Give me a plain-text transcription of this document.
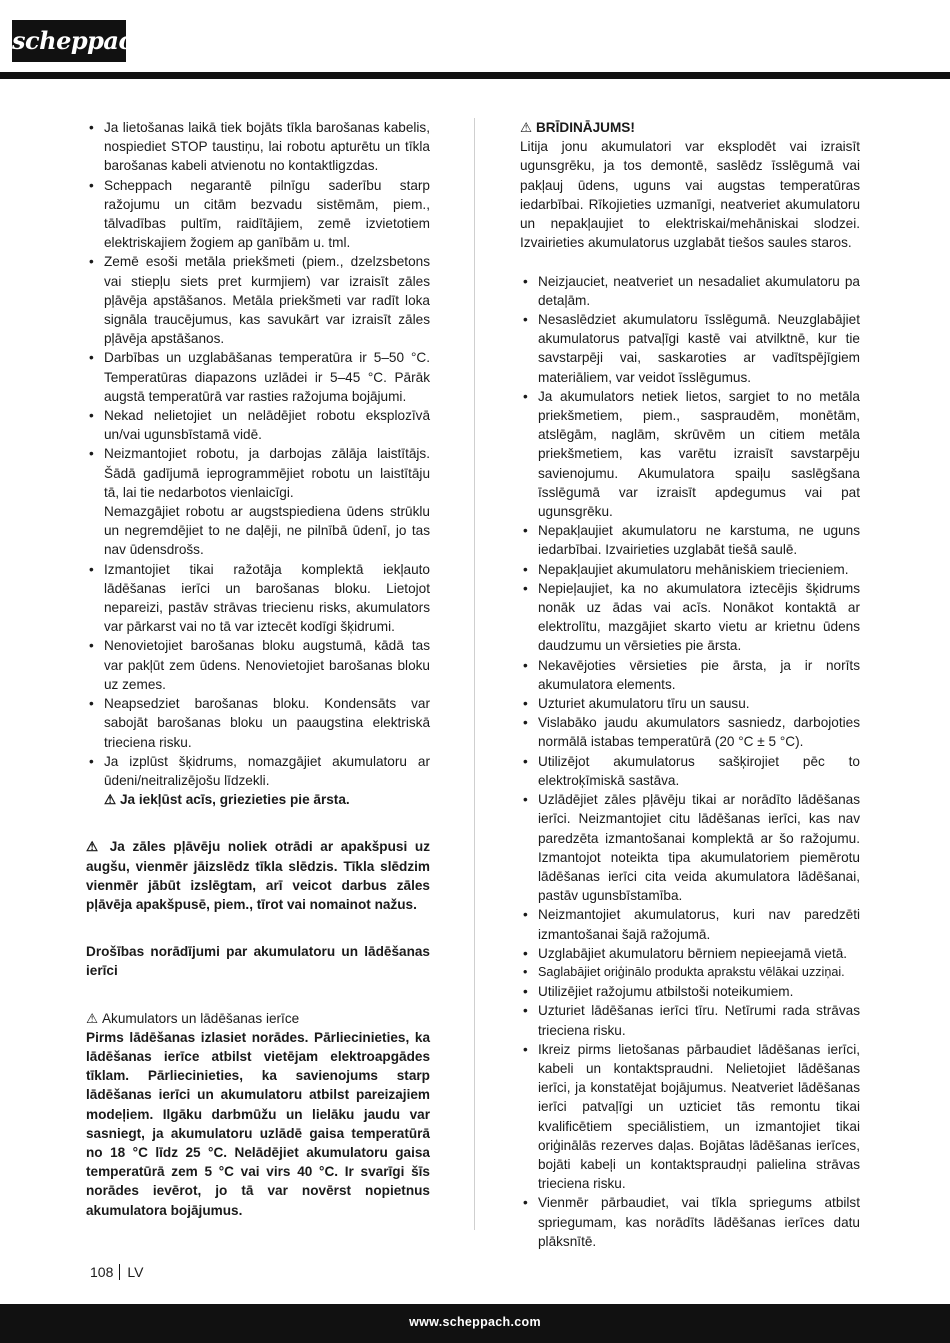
scheppach
• Ja lietošanas laikā tiek bojāts tīkla barošanas kabelis, nospiediet STOP taustiņu, lai robotu apturētu un tīkla barošanas kabeli atvienotu no kontaktligzdas.
• Scheppach negarantē pilnīgu saderību starp ražojumu un citām bezvadu sistēmām, piem., tālvadības pultīm, raidītājiem, zemē izvietotiem elektriskajiem žogiem ap ganībām u. tml.
• Zemē esoši metāla priekšmeti (piem., dzelzsbetons vai stiepļu siets pret kurmjiem) var izraisīt zāles pļāvēja apstāšanos. Metāla priekšmeti var radīt loka signāla traucējumus, kas savukārt var izraisīt zāles pļāvēja apstāšanos.
• Darbības un uzglabāšanas temperatūra ir 5–50 °C. Temperatūras diapazons uzlādei ir 5–45 °C. Pārāk augstā temperatūrā var rasties ražojuma bojājumi.
• Nekad nelietojiet un nelādējiet robotu eksplozīvā un/vai ugunsbīstamā vidē.
• Neizmantojiet robotu, ja darbojas zālāja laistītājs. Šādā gadījumā ieprogrammējiet robotu un laistītāju tā, lai tie nedarbotos vienlaicīgi.
Nemazgājiet robotu ar augstspiediena ūdens strūklu un negremdējiet to ne daļēji, ne pilnībā ūdenī, jo tas nav ūdensdrošs.
• Izmantojiet tikai ražotāja komplektā iekļauto lādēšanas ierīci un barošanas bloku. Lietojot nepareizi, pastāv strāvas triecienu risks, akumulators var pārkarst vai no tā var iztecēt kodīgi šķidrumi.
• Nenovietojiet barošanas bloku augstumā, kādā tas var pakļūt zem ūdens. Nenovietojiet barošanas bloku uz zemes.
• Neapsedziet barošanas bloku. Kondensāts var sabojāt barošanas bloku un paaugstina elektriskā trieciena risku.
• Ja izplūst šķidrums, nomazgājiet akumulatoru ar ūdeni/neitralizējošu līdzekli.
⚠ Ja iekļūst acīs, griezieties pie ārsta.
⚠ Ja zāles pļāvēju noliek otrādi ar apakšpusi uz augšu, vienmēr jāizslēdz tīkla slēdzis. Tīkla slēdzim vienmēr jābūt izslēgtam, arī veicot darbus zāles pļāvēja apakšpusē, piem., tīrot vai nomainot nažus.
Drošības norādījumi par akumulatoru un lādēšanas ierīci
⚠ Akumulators un lādēšanas ierīce
Pirms lādēšanas izlasiet norādes. Pārliecinieties, ka lādēšanas ierīce atbilst vietējam elektroapgādes tīklam. Pārliecinieties, ka savienojums starp lādēšanas ierīci un akumulatoru atbilst pareizajiem modeļiem. Ilgāku darbmūžu un lielāku jaudu var sasniegt, ja akumulatoru uzlādē gaisa temperatūrā no 18 °C līdz 25 °C. Nelādējiet akumulatoru gaisa temperatūrā zem 5 °C vai virs 40 °C. Ir svarīgi šīs norādes ievērot, jo tā var novērst nopietnus akumulatora bojājumus.
⚠ BRĪDINĀJUMS!
Litija jonu akumulatori var eksplodēt vai izraisīt ugunsgrēku, ja tos demontē, saslēdz īsslēgumā vai pakļauj ūdens, uguns vai augstas temperatūras iedarbībai. Rīkojieties uzmanīgi, neatveriet akumulatoru un nepakļaujiet to elektriskai/mehāniskai slodzei. Izvairieties akumulatorus uzglabāt tiešos saules staros.
• Neizjauciet, neatveriet un nesadaliet akumulatoru pa detaļām.
• Nesaslēdziet akumulatoru īsslēgumā. Neuzglabājiet akumulatorus patvaļīgi kastē vai atvilktnē, kur tie savstarpēji vai, saskaroties ar vadītspējīgiem materiāliem, var veidot īsslēgumus.
• Ja akumulators netiek lietos, sargiet to no metāla priekšmetiem, piem., saspraudēm, monētām, atslēgām, naglām, skrūvēm un citiem metāla priekšmetiem, kas varētu izraisīt savstarpēju savienojumu. Akumulatora spaiļu saslēgšana īsslēgumā var izraisīt apdegumus vai pat ugunsgrēku.
• Nepakļaujiet akumulatoru ne karstuma, ne uguns iedarbībai. Izvairieties uzglabāt tiešā saulē.
• Nepakļaujiet akumulatoru mehāniskiem triecieniem.
• Nepieļaujiet, ka no akumulatora iztecējis šķidrums nonāk uz ādas vai acīs. Nonākot kontaktā ar elektrolītu, mazgājiet skarto vietu ar krietnu ūdens daudzumu un vērsieties pie ārsta.
• Nekavējoties vērsieties pie ārsta, ja ir norīts akumulatora elements.
• Uzturiet akumulatoru tīru un sausu.
• Vislabāko jaudu akumulators sasniedz, darbojoties normālā istabas temperatūrā (20 °C ± 5 °C).
• Utilizējot akumulatorus sašķirojiet pēc to elektroķīmiskā sastāva.
• Uzlādējiet zāles pļāvēju tikai ar norādīto lādēšanas ierīci. Neizmantojiet citu lādēšanas ierīci, kas nav paredzēta izmantošanai komplektā ar šo ražojumu. Izmantojot noteikta tipa akumulatoriem piemērotu lādēšanas ierīci cita veida akumulatora lādēšanai, pastāv ugunsbīstamība.
• Neizmantojiet akumulatorus, kuri nav paredzēti izmantošanai šajā ražojumā.
• Uzglabājiet akumulatoru bērniem nepieejamā vietā.
• Saglabājiet oriģinālo produkta aprakstu vēlākai uzziņai.
• Utilizējiet ražojumu atbilstoši noteikumiem.
• Uzturiet lādēšanas ierīci tīru. Netīrumi rada strāvas trieciena risku.
• Ikreiz pirms lietošanas pārbaudiet lādēšanas ierīci, kabeli un kontaktspraudni. Nelietojiet lādēšanas ierīci, ja konstatējat bojājumus. Neatveriet lādēšanas ierīci patvaļīgi un uzticiet tās remontu tikai kvalificētiem speciālistiem, un izmantojiet tikai oriģinālās rezerves daļas. Bojātas lādēšanas ierīces, bojāti kabeļi un kontaktspraudņi palielina strāvas trieciena risku.
• Vienmēr pārbaudiet, vai tīkla spriegums atbilst spriegumam, kas norādīts lādēšanas ierīces datu plāksnītē.
108 LV
www.scheppach.com
